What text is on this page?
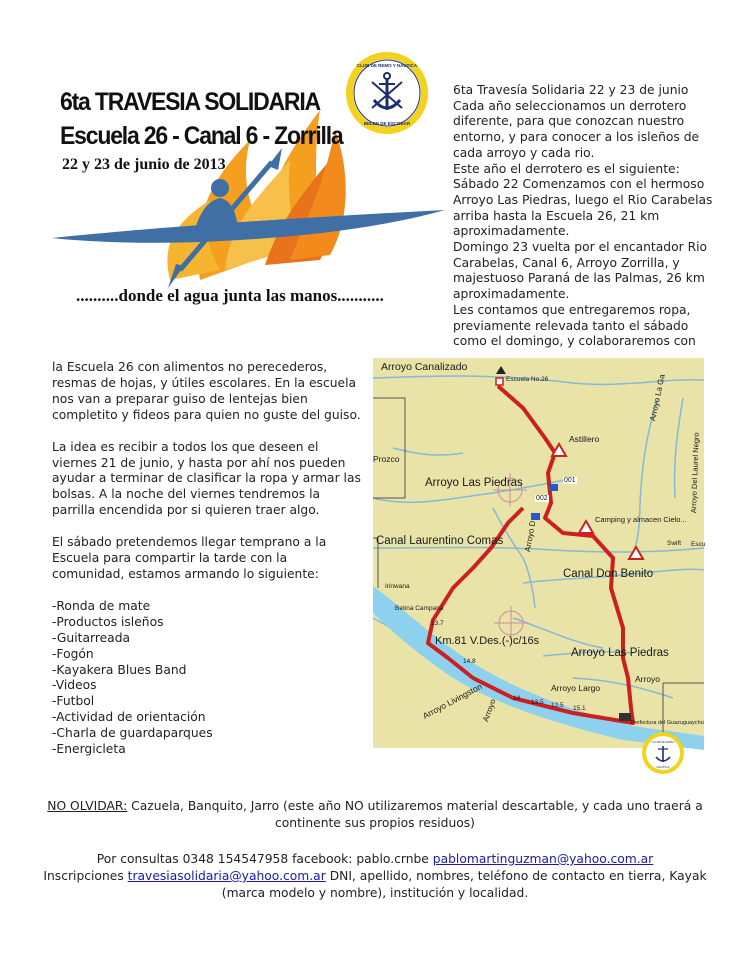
6ta TRAVESIA SOLIDARIA
Escuela 26 - Canal 6 - Zorrilla
22 y 23 de junio de 2013
..........donde el agua junta las manos...........
CLUB DE REMO Y NAUTICA
BELEN DE ESCOBAR

6ta Travesía Solidaria 22 y 23 de junio Cada año seleccionamos un derrotero diferente, para que conozcan nuestro entorno, y para conocer a los isleños de cada arroyo y cada rio.

Este año el derrotero es el siguiente: Sábado 22 Comenzamos con el hermoso Arroyo Las Piedras, luego el Rio Carabelas arriba hasta la Escuela 26, 21 km aproximadamente.

Domingo 23 vuelta por el encantador Rio Carabelas, Canal 6, Arroyo Zorrilla, y majestuoso Paraná de las Palmas, 26 km aproximadamente.

Les contamos que entregaremos ropa, previamente relevada tanto el sábado como el domingo, y colaboraremos con

la Escuela 26 con alimentos no perecederos, resmas de hojas, y útiles escolares. En la escuela nos van a preparar guiso de lentejas bien completito y fideos para quien no guste del guiso.

La idea es recibir a todos los que deseen el viernes 21 de junio, y hasta por ahí nos pueden ayudar a terminar de clasificar la ropa y armar las bolsas. A la noche del viernes tendremos la parrilla encendida por si quieren traer algo.

El sábado pretendemos llegar temprano a la Escuela para compartir la tarde con la comunidad, estamos armando lo siguiente:

-Ronda de mate
-Productos isleños
-Guitarreada
-Fogón
-Kayakera Blues Band
-Videos
-Futbol
-Actividad de orientación
-Charla de guardaparques
-Energicleta
Arroyo Canalizado
Escuela No.26
Astillero
Arroyo Las Piedras
002
001
Camping y almacen Cielo...
Swift Escu
Canal Laurentino Comas
Canal Don Benito
Prozco
Arroyo La Ga
Arroyo Del Laurel Negro
Arroyo D
Arroyo Las Piedras
Km.81 V.Des.(-)c/16s
Irinwana
Betina Campana
Arroyo Livingston
Arroyo
Arroyo Largo
Arroyo
Prefectura del Guazuguaychú
13.7
14.8
14
13.5 12.5 15.1
CLUB DE REMO
NAUTICA

NO OLVIDAR: Cazuela, Banquito, Jarro (este año NO utilizaremos material descartable, y cada uno traerá a

continente sus propios residuos)

Por consultas 0348 154547958 facebook: pablo.crnbe pablomartinguzman@yahoo.com.ar

Inscripciones travesiasolidaria@yahoo.com.ar DNI, apellido, nombres, teléfono de contacto en tierra, Kayak

(marca modelo y nombre), institución y localidad.
